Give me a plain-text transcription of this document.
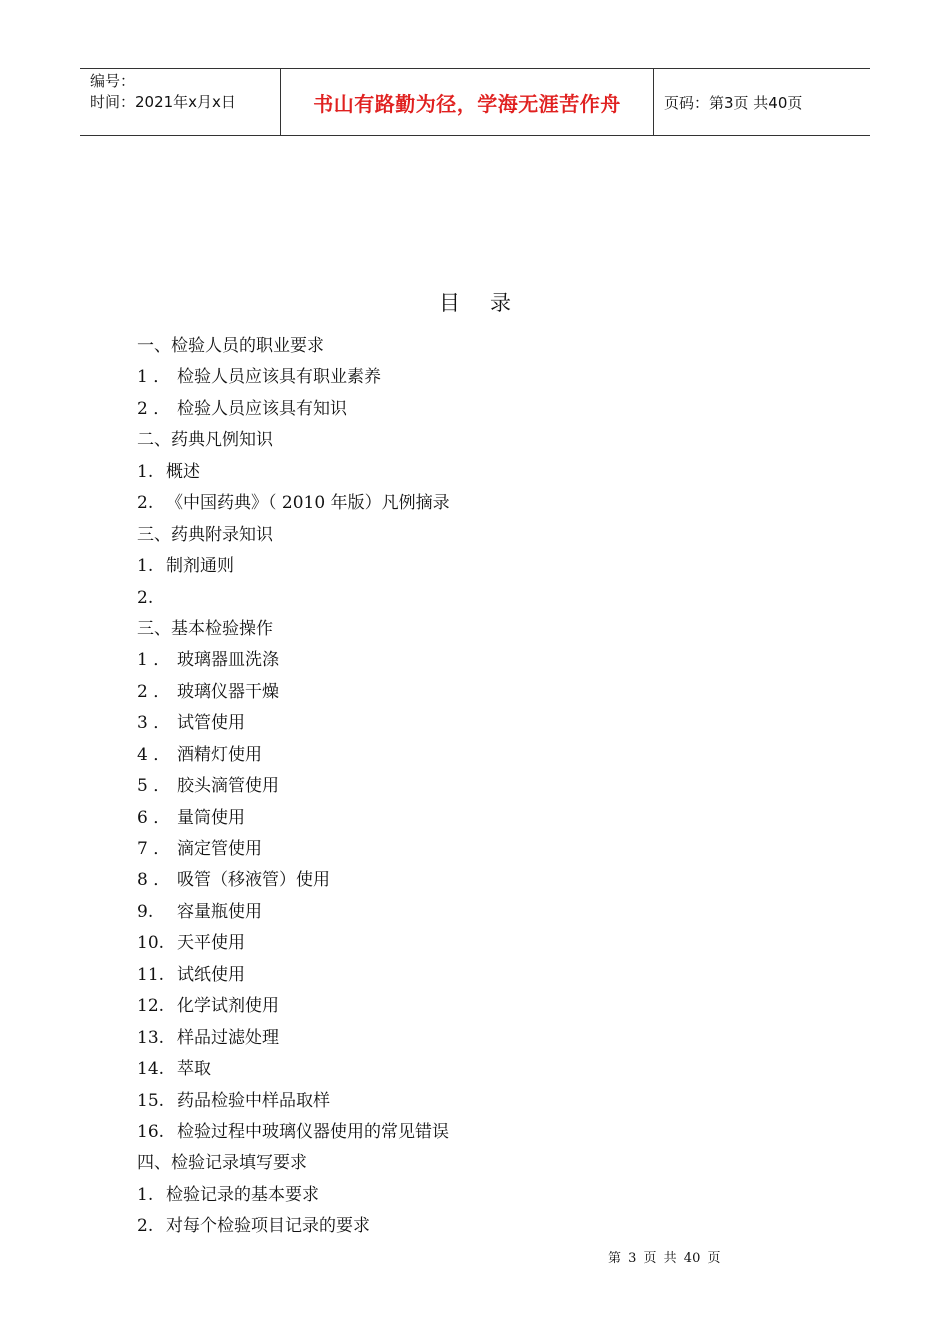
编号：
时间：2021年x月x日	书山有路勤为径，学海无涯苦作舟	页码：第3页 共40页
目录
一、检验人员的职业要求
1 ． 检验人员应该具有职业素养
2 ． 检验人员应该具有知识
二、药典凡例知识
1. 概述
2. 《中国药典》（ 2010 年版）凡例摘录
三、药典附录知识
1. 制剂通则
2.
三、基本检验操作
1 ． 玻璃器皿洗涤
2 ． 玻璃仪器干燥
3 ． 试管使用
4 ． 酒精灯使用
5 ． 胶头滴管使用
6 ． 量筒使用
7 ． 滴定管使用
8 ． 吸管（移液管）使用
9. 容量瓶使用
10. 天平使用
11. 试纸使用
12. 化学试剂使用
13. 样品过滤处理
14. 萃取
15. 药品检验中样品取样
16. 检验过程中玻璃仪器使用的常见错误
四、检验记录填写要求
1. 检验记录的基本要求
2. 对每个检验项目记录的要求
第 3 页 共 40 页
